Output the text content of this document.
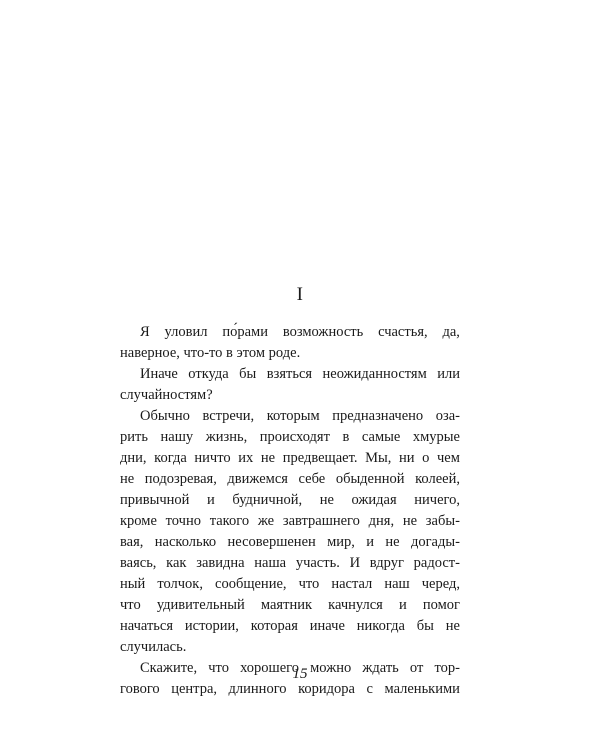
I
Я уловил по́рами возможность счастья, да,
наверное, что-то в этом роде.
Иначе откуда бы взяться неожиданностям или
случайностям?
Обычно встречи, которым предназначено оза-
рить нашу жизнь, происходят в самые хмурые
дни, когда ничто их не предвещает. Мы, ни о чем
не подозревая, движемся себе обыденной колеей,
привычной и будничной, не ожидая ничего,
кроме точно такого же завтрашнего дня, не забы-
вая, насколько несовершенен мир, и не догады-
ваясь, как завидна наша участь. И вдруг радост-
ный толчок, сообщение, что настал наш черед,
что удивительный маятник качнулся и помог
начаться истории, которая иначе никогда бы не
случилась.
Скажите, что хорошего можно ждать от тор-
гового центра, длинного коридора с маленькими
15
